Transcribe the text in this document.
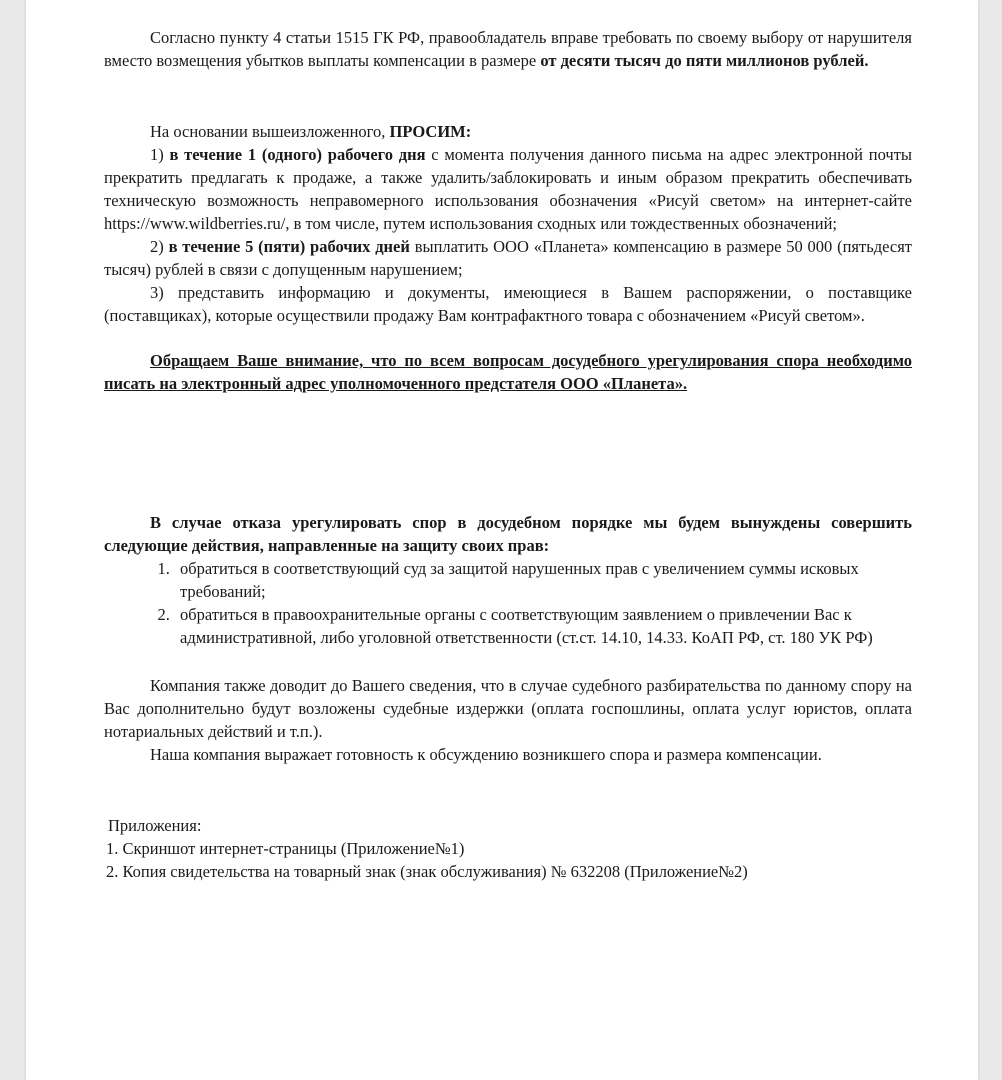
Согласно пункту 4 статьи 1515 ГК РФ, правообладатель вправе требовать по своему выбору от нарушителя вместо возмещения убытков выплаты компенсации в размере от десяти тысяч до пяти миллионов рублей.

На основании вышеизложенного, ПРОСИМ:

1) в течение 1 (одного) рабочего дня с момента получения данного письма на адрес электронной почты прекратить предлагать к продаже, а также удалить/заблокировать и иным образом прекратить обеспечивать техническую возможность неправомерного использования обозначения «Рисуй светом» на интернет-сайте https://www.wildberries.ru/, в том числе, путем использования сходных или тождественных обозначений;

2) в течение 5 (пяти) рабочих дней выплатить ООО «Планета» компенсацию в размере 50 000 (пятьдесят тысяч) рублей в связи с допущенным нарушением;

3) представить информацию и документы, имеющиеся в Вашем распоряжении, о поставщике (поставщиках), которые осуществили продажу Вам контрафактного товара с обозначением «Рисуй светом».

Обращаем Ваше внимание, что по всем вопросам досудебного урегулирования спора необходимо писать на электронный адрес уполномоченного предстателя ООО «Планета».

В случае отказа урегулировать спор в досудебном порядке мы будем вынуждены совершить следующие действия, направленные на защиту своих прав:

1. обратиться в соответствующий суд за защитой нарушенных прав с увеличением суммы исковых требований;
2. обратиться в правоохранительные органы с соответствующим заявлением о привлечении Вас к административной, либо уголовной ответственности (ст.ст. 14.10, 14.33. КоАП РФ, ст. 180 УК РФ)

Компания также доводит до Вашего сведения, что в случае судебного разбирательства по данному спору на Вас дополнительно будут возложены судебные издержки (оплата госпошлины, оплата услуг юристов, оплата нотариальных действий и т.п.).

Наша компания выражает готовность к обсуждению возникшего спора и размера компенсации.

Приложения:

1. Скриншот интернет-страницы (Приложение№1)

2. Копия свидетельства на товарный знак (знак обслуживания) № 632208 (Приложение№2)
